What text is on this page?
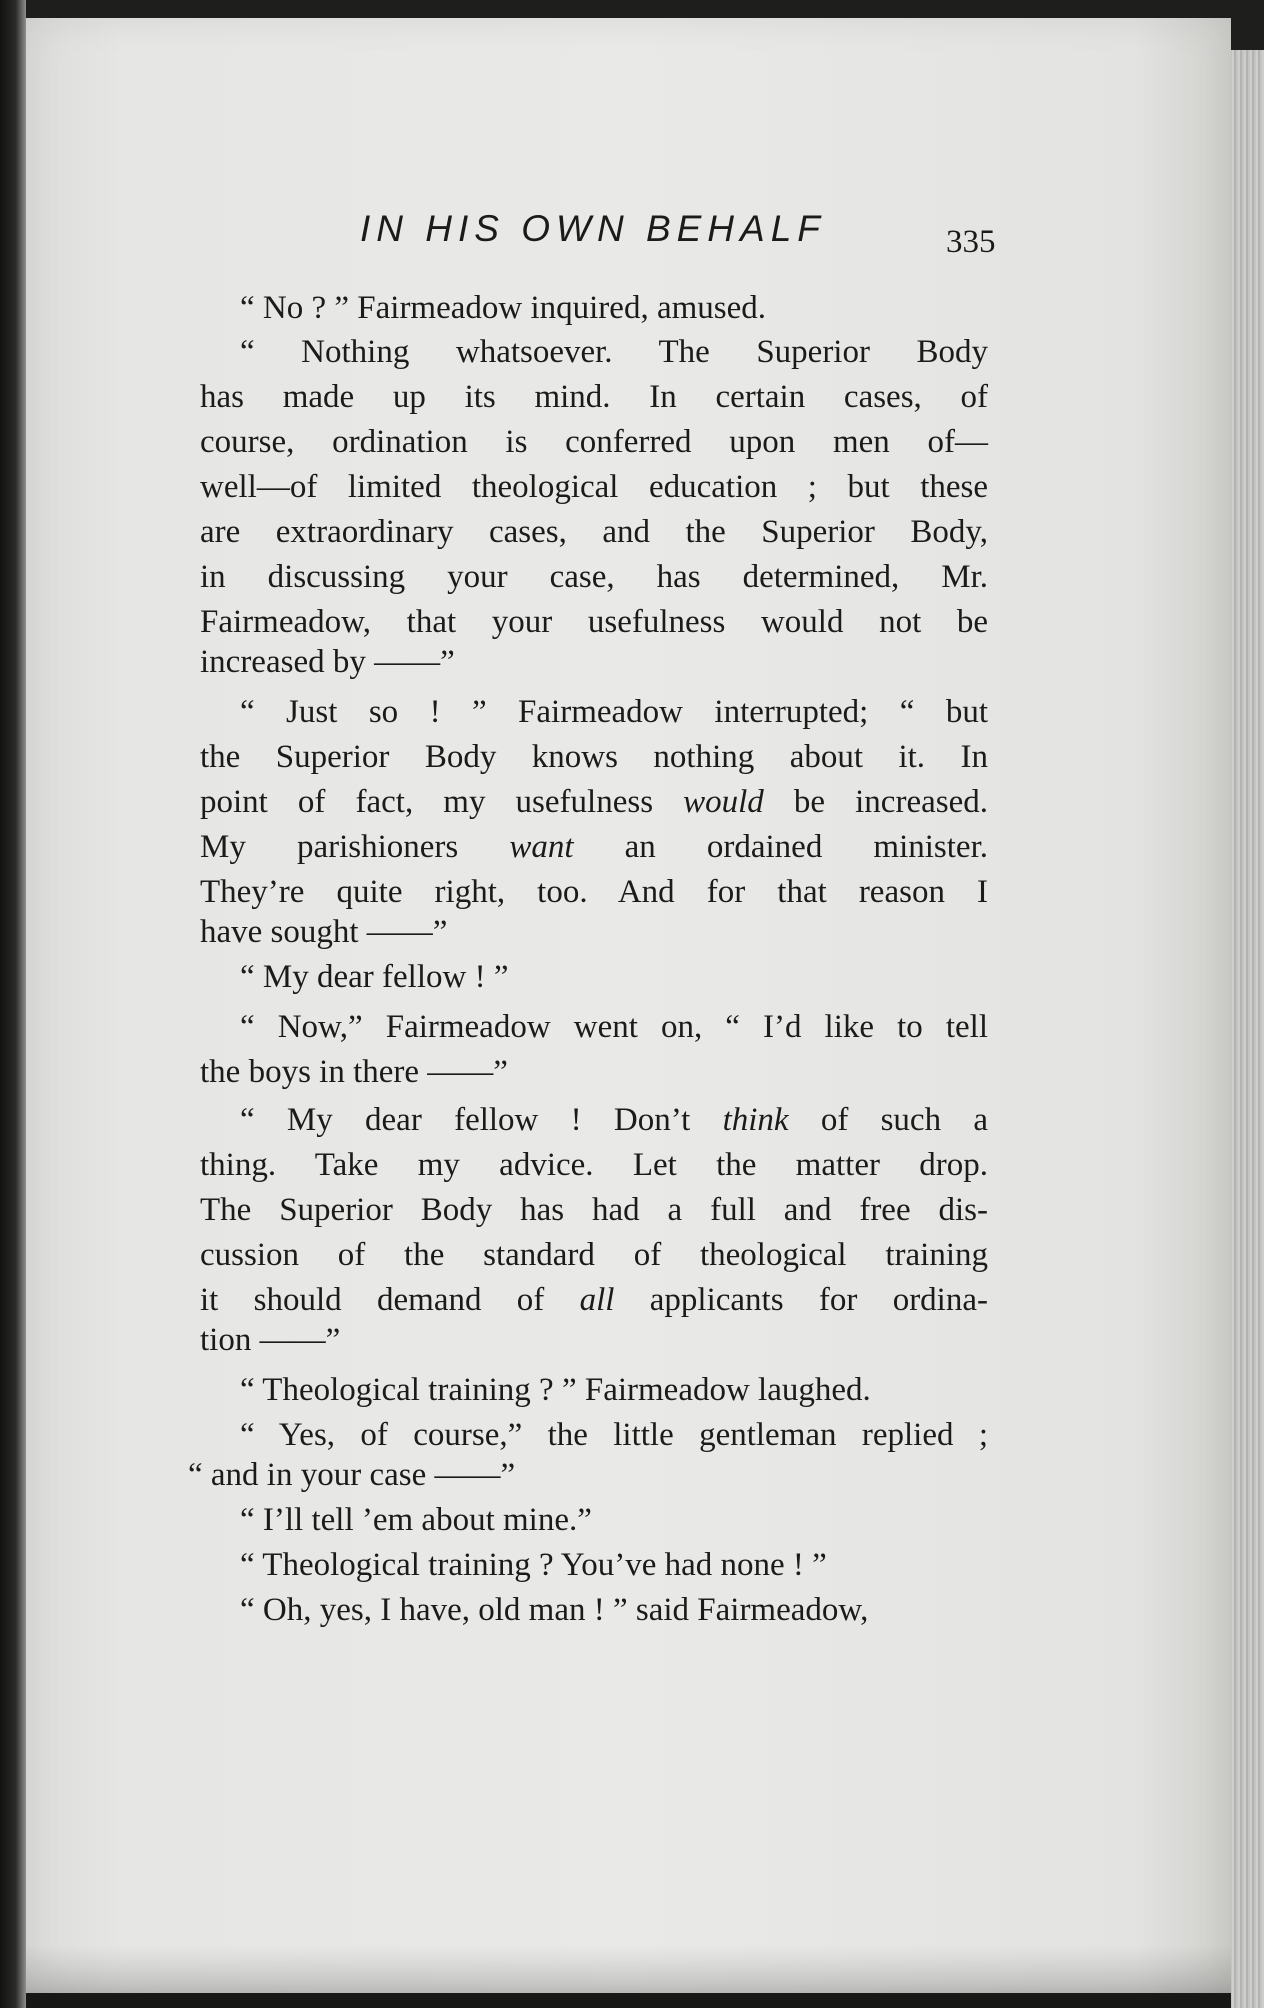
IN HIS OWN BEHALF	335
“ No ? ” Fairmeadow inquired, amused.
“ Nothing whatsoever. The Superior Body
has made up its mind. In certain cases, of
course, ordination is conferred upon men of—
well—of limited theological education ; but these
are extraordinary cases, and the Superior Body,
in discussing your case, has determined, Mr.
Fairmeadow, that your usefulness would not be
increased by ——”
“ Just so ! ” Fairmeadow interrupted; “ but
the Superior Body knows nothing about it. In
point of fact, my usefulness would be increased.
My parishioners want an ordained minister.
They’re quite right, too. And for that reason I
have sought ——”
“ My dear fellow ! ”
“ Now,” Fairmeadow went on, “ I’d like to tell
the boys in there ——”
“ My dear fellow ! Don’t think of such a
thing. Take my advice. Let the matter drop.
The Superior Body has had a full and free dis-
cussion of the standard of theological training
it should demand of all applicants for ordina-
tion ——”
“ Theological training ? ” Fairmeadow laughed.
“ Yes, of course,” the little gentleman replied ;
“ and in your case ——”
“ I’ll tell ’em about mine.”
“ Theological training ? You’ve had none ! ”
“ Oh, yes, I have, old man ! ” said Fairmeadow,
